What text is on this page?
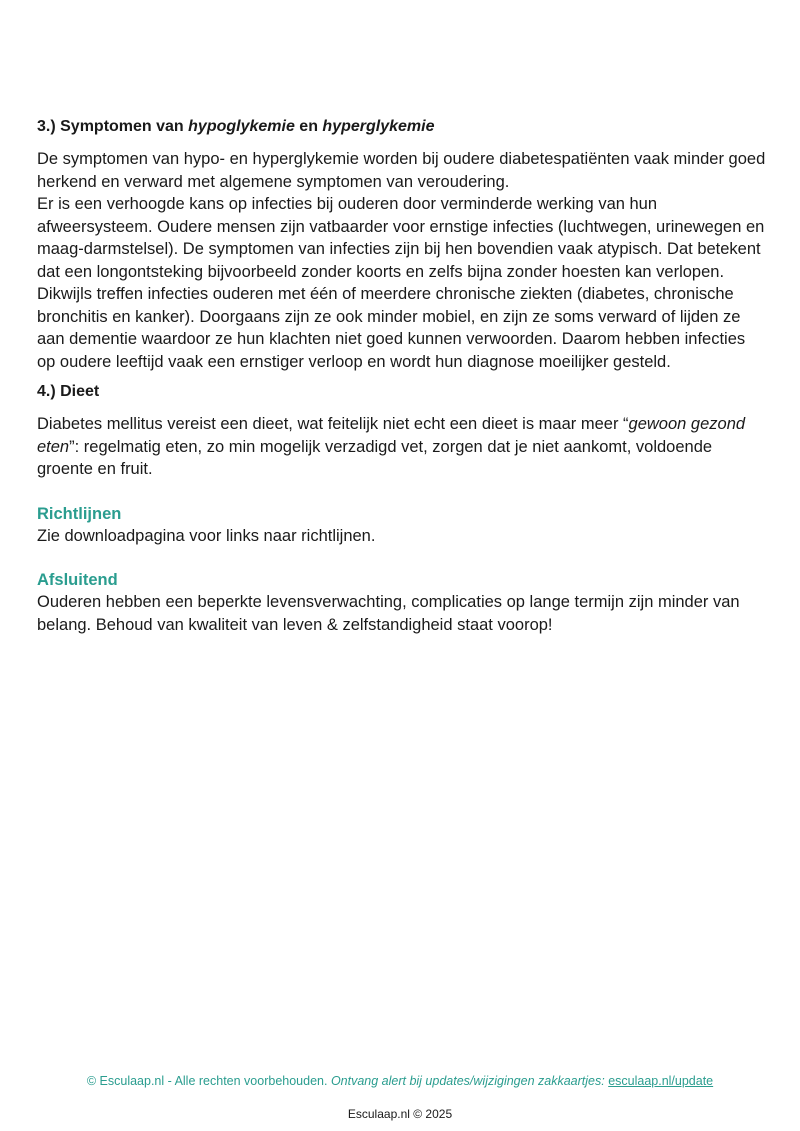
3.) Symptomen van hypoglykemie en hyperglykemie

De symptomen van hypo- en hyperglykemie worden bij oudere diabetespatiënten vaak minder goed herkend en verward met algemene symptomen van veroudering.
Er is een verhoogde kans op infecties bij ouderen door verminderde werking van hun afweersysteem. Oudere mensen zijn vatbaarder voor ernstige infecties (luchtwegen, urinewegen en maag-darmstelsel). De symptomen van infecties zijn bij hen bovendien vaak atypisch. Dat betekent dat een longontsteking bijvoorbeeld zonder koorts en zelfs bijna zonder hoesten kan verlopen. Dikwijls treffen infecties ouderen met één of meerdere chronische ziekten (diabetes, chronische bronchitis en kanker). Doorgaans zijn ze ook minder mobiel, en zijn ze soms verward of lijden ze aan dementie waardoor ze hun klachten niet goed kunnen verwoorden. Daarom hebben infecties op oudere leeftijd vaak een ernstiger verloop en wordt hun diagnose moeilijker gesteld.

4.) Dieet

Diabetes mellitus vereist een dieet, wat feitelijk niet echt een dieet is maar meer “gewoon gezond eten”: regelmatig eten, zo min mogelijk verzadigd vet, zorgen dat je niet aankomt, voldoende groente en fruit.

Richtlijnen

Zie downloadpagina voor links naar richtlijnen.

Afsluitend

Ouderen hebben een beperkte levensverwachting, complicaties op lange termijn zijn minder van belang. Behoud van kwaliteit van leven & zelfstandigheid staat voorop!

© Esculaap.nl - Alle rechten voorbehouden. Ontvang alert bij updates/wijzigingen zakkaartjes: esculaap.nl/update
Esculaap.nl © 2025
